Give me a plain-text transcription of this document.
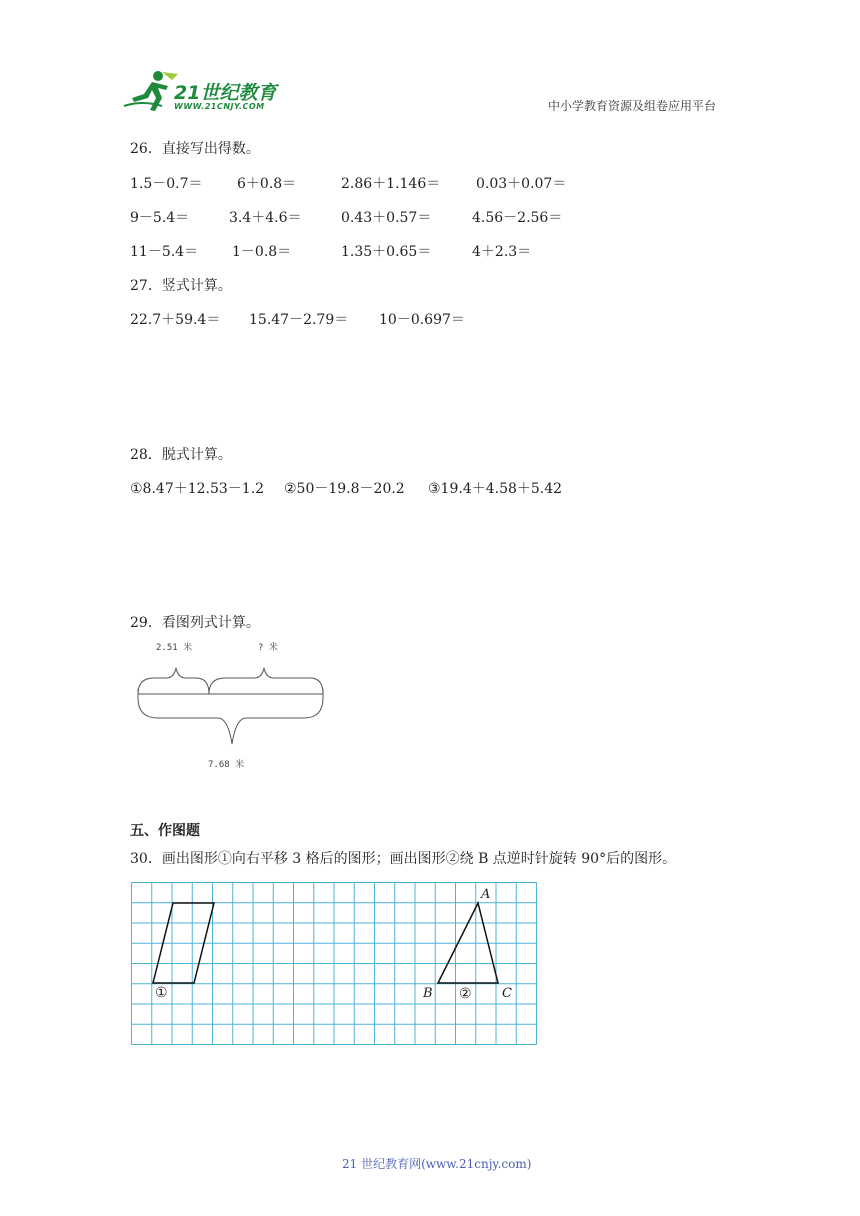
21世纪教育
WWW.21CNJY.COM	中小学教育资源及组卷应用平台
26．直接写出得数。
1.5－0.7＝ 6＋0.8＝	2.86＋1.146＝	0.03＋0.07＝
9－5.4＝	3.4＋4.6＝	0.43＋0.57＝	4.56－2.56＝
11－5.4＝ 1－0.8＝	1.35＋0.65＝	4＋2.3＝
27．竖式计算。
22.7＋59.4＝ 15.47－2.79＝ 10－0.697＝
28．脱式计算。
①8.47＋12.53－1.2 ②50－19.8－20.2 ③19.4＋4.58＋5.42
29．看图列式计算。
2.51 米	? 米
7.68 米
五、作图题
30．画出图形①向右平移 3 格后的图形；画出图形②绕 B 点逆时针旋转 90°后的图形。
①	②
A
B	C
21 世纪教育网(www.21cnjy.com)
